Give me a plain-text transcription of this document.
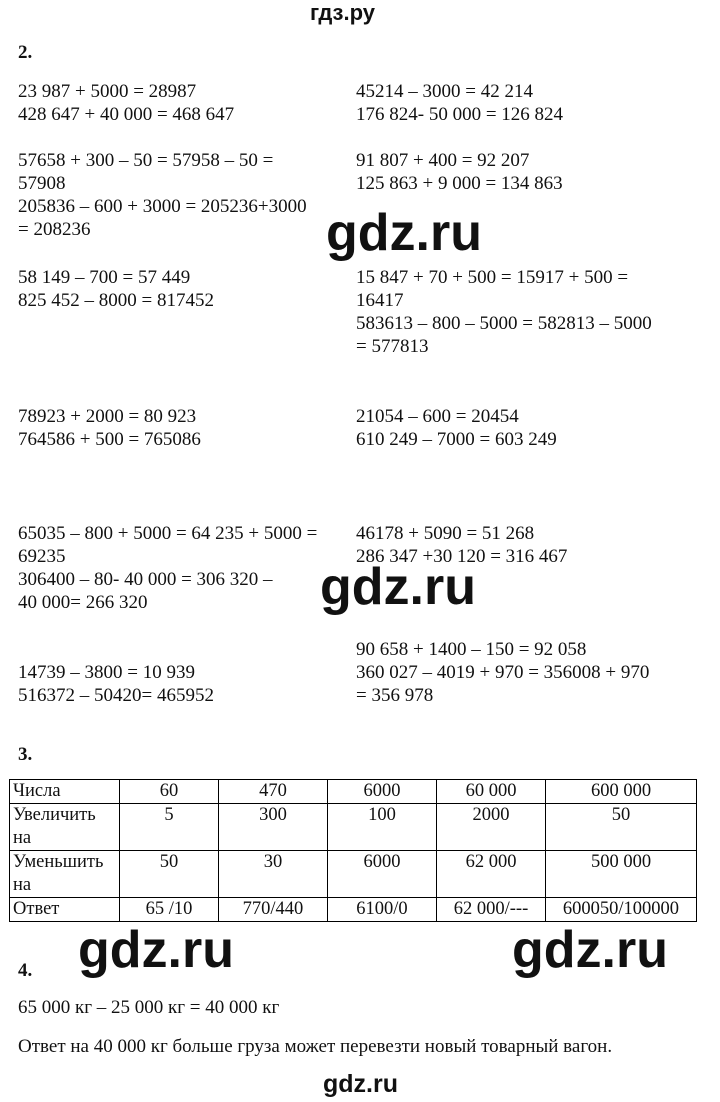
гдз.ру
2.
23 987 + 5000 = 28987
428 647 + 40 000 = 468 647
57658 + 300 – 50 = 57958 – 50 =
57908
205836 – 600 + 3000 = 205236+3000
= 208236
58 149 – 700 = 57 449
825 452 – 8000 = 817452
78923 + 2000 = 80 923
764586 + 500 = 765086
65035 – 800 + 5000 = 64 235 + 5000 =
69235
306400 – 80- 40 000 = 306 320 –
40 000= 266 320
14739 – 3800 = 10 939
516372 – 50420= 465952
45214 – 3000 = 42 214
176 824- 50 000 = 126 824
91 807 + 400 = 92 207
125 863 + 9 000 = 134 863
15 847 + 70 + 500 = 15917 + 500 =
16417
583613 – 800 – 5000 = 582813 – 5000
= 577813
21054 – 600 = 20454
610 249 – 7000 = 603 249
46178 + 5090 = 51 268
286 347 +30 120 = 316 467
90 658 + 1400 – 150 = 92 058
360 027 – 4019 + 970 = 356008 + 970
= 356 978
gdz.ru
gdz.ru
3.
Числа	60	470	6000	60 000	600 000
Увеличить на	5	300	100	2000	50
Уменьшить на	50	30	6000	62 000	500 000
Ответ	65 /10	770/440	6100/0	62 000/---	600050/100000
gdz.ru	gdz.ru
4.
65 000 кг – 25 000 кг = 40 000 кг
Ответ на 40 000 кг больше груза может перевезти новый товарный вагон.
gdz.ru
